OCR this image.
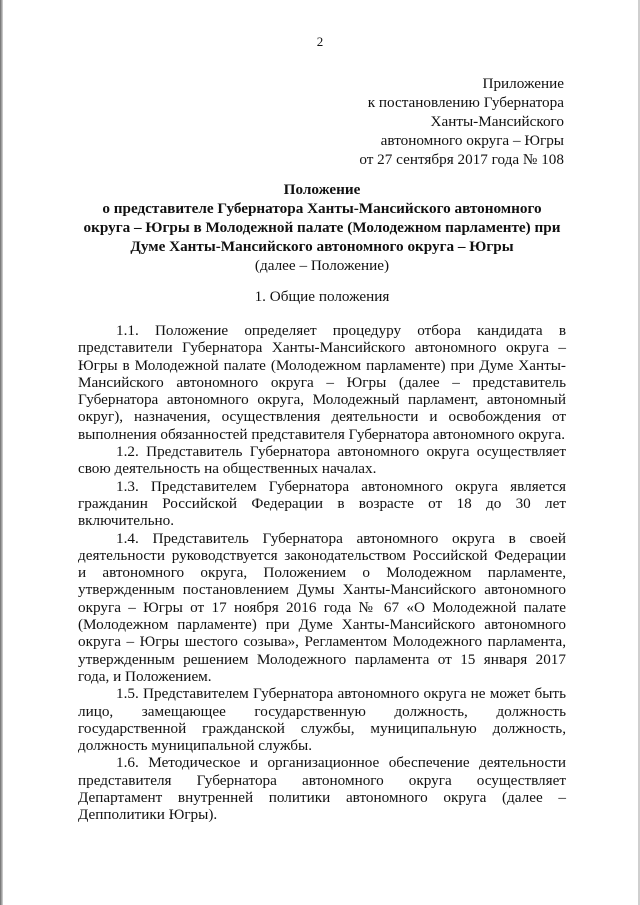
2
Приложение
к постановлению Губернатора
Ханты-Мансийского
автономного округа – Югры
от 27 сентября 2017 года № 108
Положение
о представителе Губернатора Ханты-Мансийского автономного
округа – Югры в Молодежной палате (Молодежном парламенте) при
Думе Ханты-Мансийского автономного округа – Югры
(далее – Положение)
1. Общие положения

1.1. Положение определяет процедуру отбора кандидата в представители Губернатора Ханты-Мансийского автономного округа – Югры в Молодежной палате (Молодежном парламенте) при Думе Ханты-Мансийского автономного округа – Югры (далее – представитель Губернатора автономного округа, Молодежный парламент, автономный округ), назначения, осуществления деятельности и освобождения от выполнения обязанностей представителя Губернатора автономного округа.

1.2. Представитель Губернатора автономного округа осуществляет свою деятельность на общественных началах.

1.3. Представителем Губернатора автономного округа является гражданин Российской Федерации в возрасте от 18 до 30 лет включительно.

1.4. Представитель Губернатора автономного округа в своей деятельности руководствуется законодательством Российской Федерации и автономного округа, Положением о Молодежном парламенте, утвержденным постановлением Думы Ханты-Мансийского автономного округа – Югры от 17 ноября 2016 года № 67 «О Молодежной палате (Молодежном парламенте) при Думе Ханты-Мансийского автономного округа – Югры шестого созыва», Регламентом Молодежного парламента, утвержденным решением Молодежного парламента от 15 января 2017 года, и Положением.

1.5. Представителем Губернатора автономного округа не может быть лицо, замещающее государственную должность, должность государственной гражданской службы, муниципальную должность, должность муниципальной службы.

1.6. Методическое и организационное обеспечение деятельности представителя Губернатора автономного округа осуществляет Департамент внутренней политики автономного округа (далее – Депполитики Югры).
